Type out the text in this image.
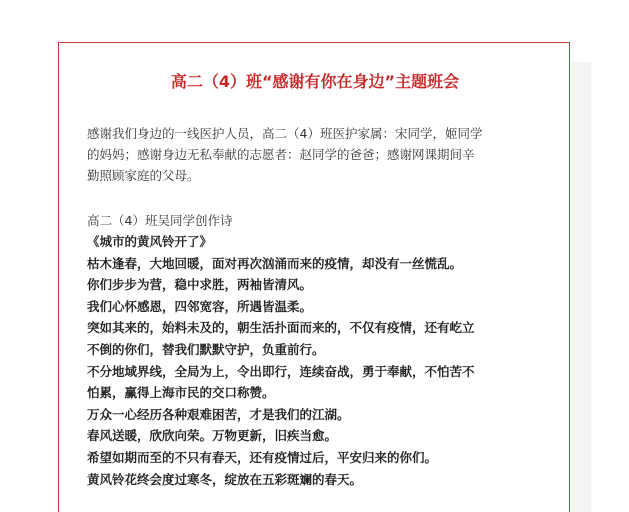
高二（4）班“感谢有你在身边”主题班会
感谢我们身边的一线医护人员，高二（4）班医护家属：宋同学，姬同学
的妈妈；感谢身边无私奉献的志愿者：赵同学的爸爸；感谢网课期间辛
勤照顾家庭的父母。
高二（4）班吴同学创作诗
《城市的黄风铃开了》
枯木逢春，大地回暖，面对再次汹涌而来的疫情，却没有一丝慌乱。
你们步步为营，稳中求胜，两袖皆清风。
我们心怀感恩，四邻宽容，所遇皆温柔。
突如其来的，始料未及的，朝生活扑面而来的，不仅有疫情，还有屹立
不倒的你们，替我们默默守护，负重前行。
不分地域界线，全局为上，令出即行，连续奋战，勇于奉献，不怕苦不
怕累，赢得上海市民的交口称赞。
万众一心经历各种艰难困苦，才是我们的江湖。
春风送暖，欣欣向荣。万物更新，旧疾当愈。
希望如期而至的不只有春天，还有疫情过后，平安归来的你们。
黄风铃花终会度过寒冬，绽放在五彩斑斓的春天。
